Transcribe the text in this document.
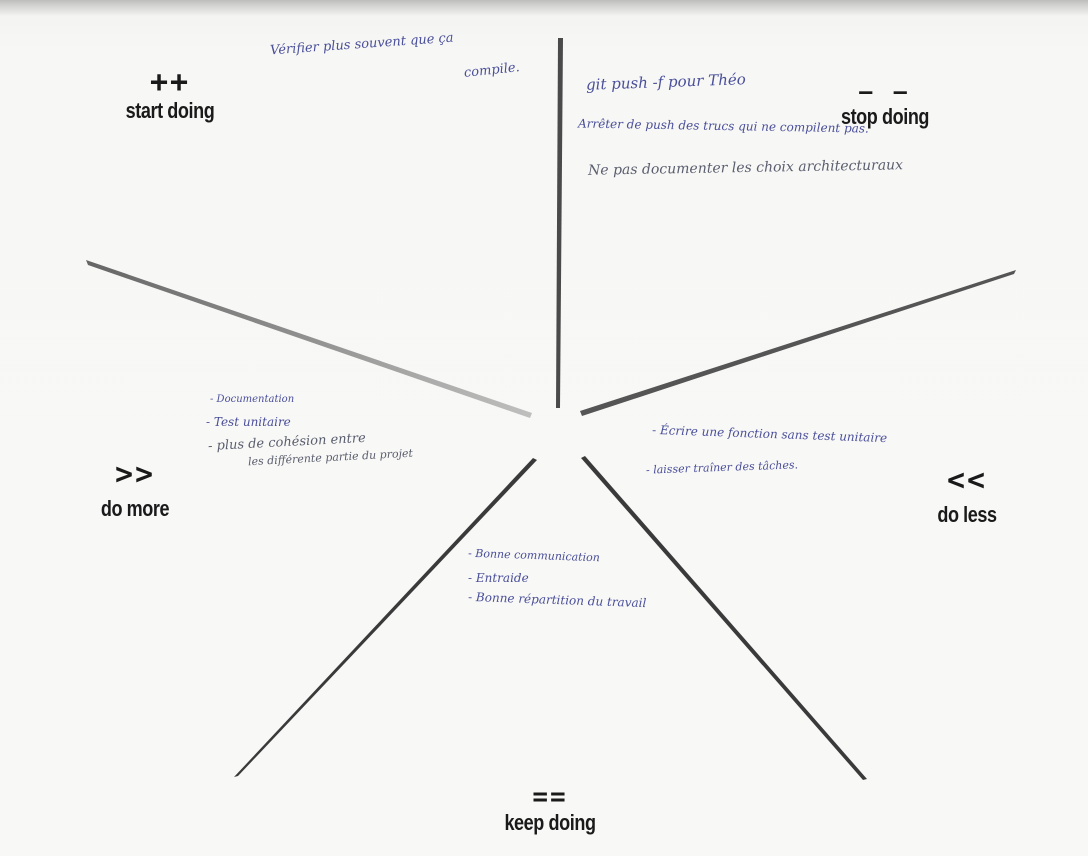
++
start doing
– –
stop doing
>>
do more
<<
do less
==
keep doing
Vérifier plus souvent que ça
compile.	git push -f pour Théo
Arrêter de push des trucs qui ne compilent pas.
Ne pas documenter les choix architecturaux
- Documentation
- Test unitaire
- plus de cohésion entre
les différente partie du projet
- Écrire une fonction sans test unitaire
- laisser traîner des tâches.
- Bonne communication
- Entraide
- Bonne répartition du travail
